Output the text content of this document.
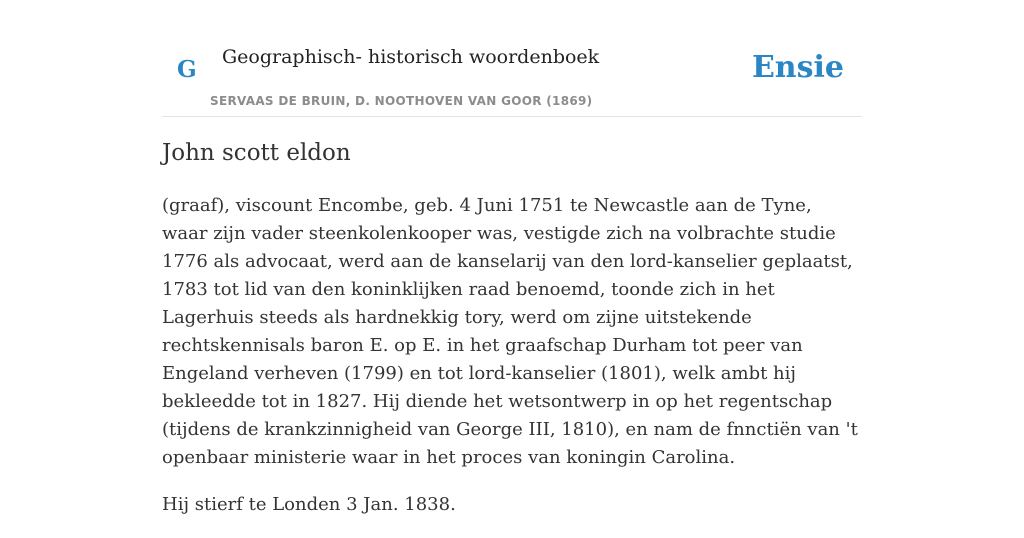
G Geographisch- historisch woordenboek
SERVAAS DE BRUIN, D. NOOTHOVEN VAN GOOR (1869)
Ensie
John scott eldon

(graaf), viscount Encombe, geb. 4 Juni 1751 te Newcastle aan de Tyne, waar zijn vader steenkolenkooper was, vestigde zich na volbrachte studie 1776 als advocaat, werd aan de kanselarij van den lord-kanselier geplaatst, 1783 tot lid van den koninklijken raad benoemd, toonde zich in het Lagerhuis steeds als hardnekkig tory, werd om zijne uitstekende rechtskennisals baron E. op E. in het graafschap Durham tot peer van Engeland verheven (1799) en tot lord-kanselier (1801), welk ambt hij bekleedde tot in 1827. Hij diende het wetsontwerp in op het regentschap (tijdens de krankzinnigheid van George III, 1810), en nam de fnnctiën van 't openbaar ministerie waar in het proces van koningin Carolina.

Hij stierf te Londen 3 Jan. 1838.
